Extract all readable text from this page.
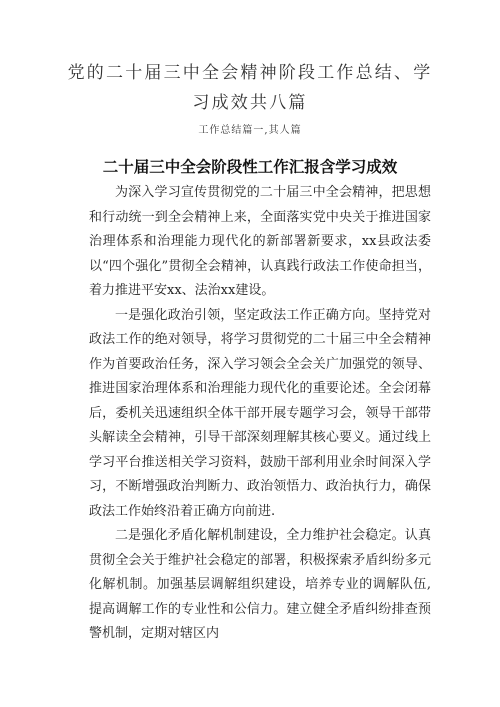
党的二十届三中全会精神阶段工作总结、学
习成效共八篇
工作总结篇一,其人篇
二十届三中全会阶段性工作汇报含学习成效

为深入学习宣传贯彻党的二十届三中全会精神，把思想和行动统一到全会精神上来，全面落实党中央关于推进国家治理体系和治理能力现代化的新部署新要求，xx县政法委以“四个强化”贯彻全会精神，认真践行政法工作使命担当，着力推进平安xx、法治xx建设。

一是强化政治引领，坚定政法工作正确方向。坚持党对政法工作的绝对领导，将学习贯彻党的二十届三中全会精神作为首要政治任务，深入学习领会全会关广加强党的领导、推进国家治理体系和治理能力现代化的重要论述。全会闭幕后，委机关迅速组织全体干部开展专题学习会，领导干部带头解读全会精神，引导干部深刻理解其核心要义。通过线上学习平台推送相关学习资料，鼓励干部利用业余时间深入学习，不断增强政治判断力、政治领悟力、政治执行力，确保政法工作始终沿着正确方向前进.

二是强化矛盾化解机制建设，全力维护社会稳定。认真贯彻全会关于维护社会稳定的部署，积极探索矛盾纠纷多元化解机制。加强基层调解组织建设，培养专业的调解队伍,提高调解工作的专业性和公信力。建立健全矛盾纠纷排查预警机制，定期对辖区内
